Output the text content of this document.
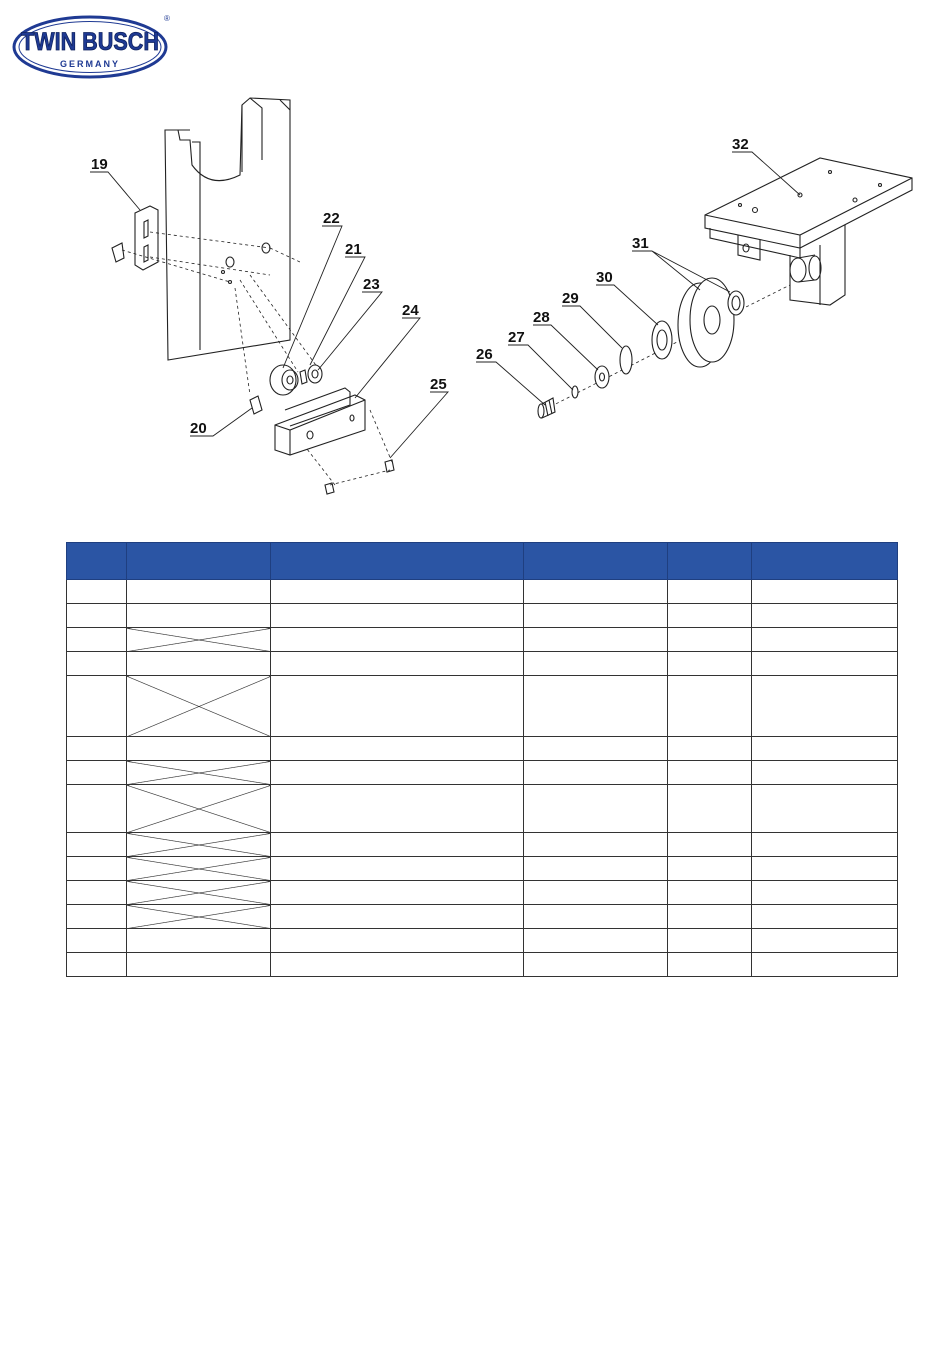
TWIN BUSCH
GERMANY
®
19
20
21
22
23
24
25
26
27
28
29
30
31
32
